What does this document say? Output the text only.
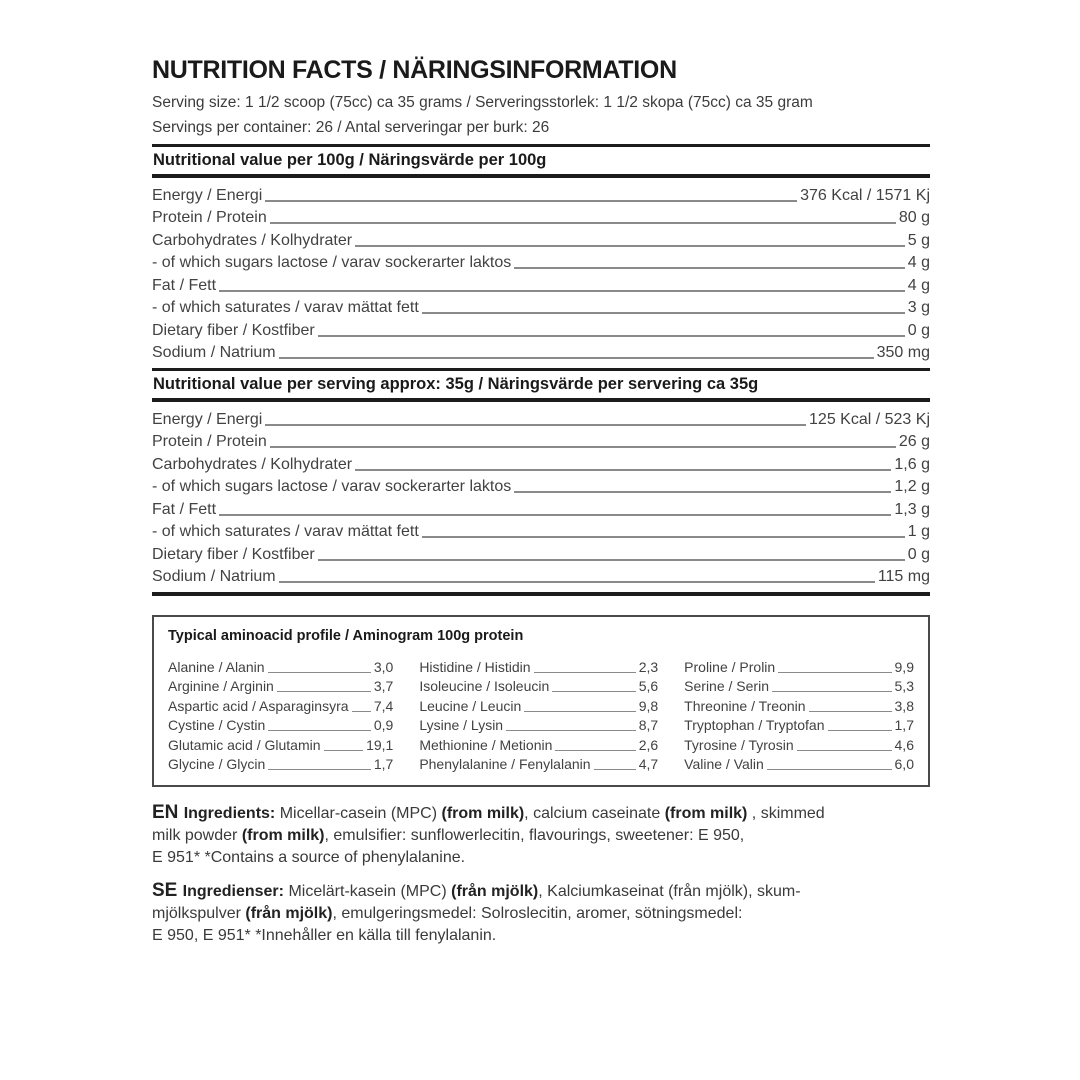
NUTRITION FACTS / NÄRINGSINFORMATION

Serving size: 1 1/2 scoop (75cc) ca 35 grams / Serveringsstorlek: 1 1/2 skopa (75cc) ca 35 gram

Servings per container: 26 / Antal serveringar per burk: 26

Nutritional value per 100g / Näringsvärde per 100g
Energy / Energi	376 Kcal / 1571 Kj
Protein / Protein	80 g
Carbohydrates / Kolhydrater	5 g
- of which sugars lactose / varav sockerarter laktos	4 g
Fat / Fett	4 g
- of which saturates / varav mättat fett	3 g
Dietary fiber / Kostfiber	0 g
Sodium / Natrium	350 mg
Nutritional value per serving approx: 35g / Näringsvärde per servering ca 35g
Energy / Energi	125 Kcal / 523 Kj
Protein / Protein	26 g
Carbohydrates / Kolhydrater	1,6 g
- of which sugars lactose / varav sockerarter laktos	1,2 g
Fat / Fett	1,3 g
- of which saturates / varav mättat fett	1 g
Dietary fiber / Kostfiber	0 g
Sodium / Natrium	115 mg
Typical aminoacid profile / Aminogram 100g protein
Alanine / Alanin	3,0
Arginine / Arginin	3,7
Aspartic acid / Asparaginsyra 7,4
Cystine / Cystin	0,9
Glutamic acid / Glutamin	19,1
Glycine / Glycin	1,7
Histidine / Histidin	2,3
Isoleucine / Isoleucin	5,6
Leucine / Leucin	9,8
Lysine / Lysin	8,7
Methionine / Metionin	2,6
Phenylalanine / Fenylalanin	4,7
Proline / Prolin	9,9
Serine / Serin	5,3
Threonine / Treonin	3,8
Tryptophan / Tryptofan	1,7
Tyrosine / Tyrosin	4,6
Valine / Valin	6,0

EN Ingredients: Micellar-casein (MPC) (from milk), calcium caseinate (from milk) , skimmed
milk powder (from milk), emulsifier: sunflowerlecitin, flavourings, sweetener: E 950,
E 951* *Contains a source of phenylalanine.

SE Ingredienser: Micelärt-kasein (MPC) (från mjölk), Kalciumkaseinat (från mjölk), skum-
mjölkspulver (från mjölk), emulgeringsmedel: Solroslecitin, aromer, sötningsmedel:
E 950, E 951* *Innehåller en källa till fenylalanin.
